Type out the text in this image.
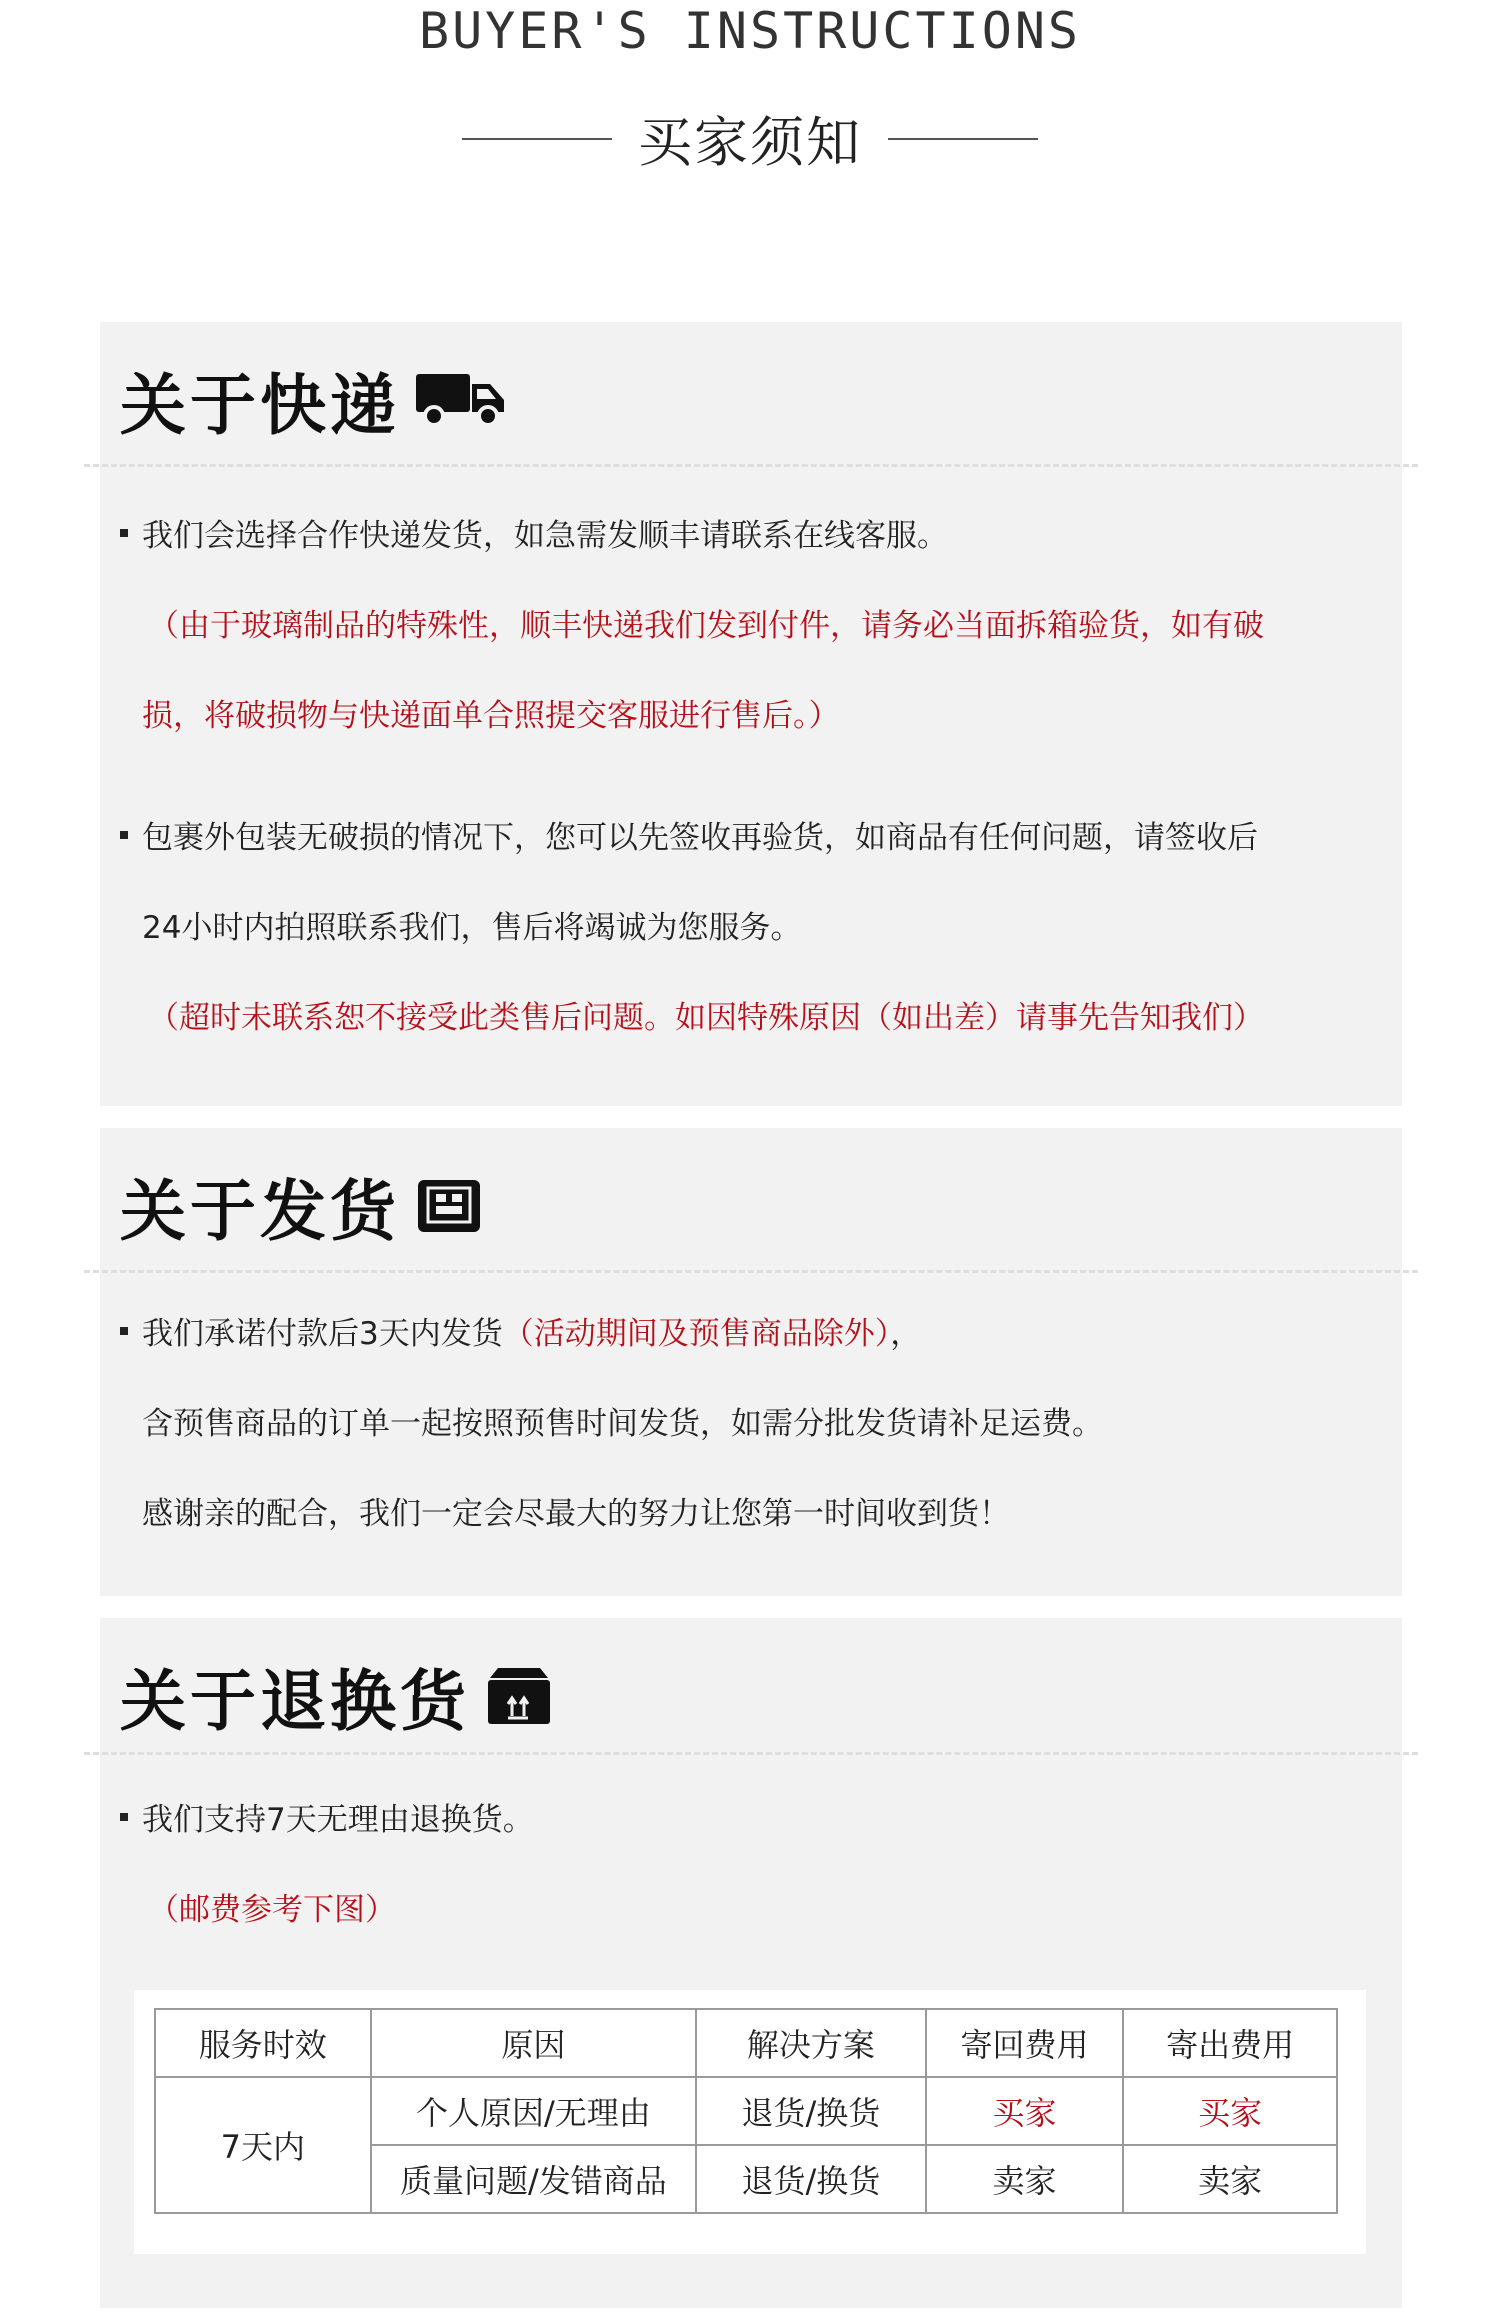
BUYER'S INSTRUCTIONS
买家须知
关于快递
我们会选择合作快递发货，如急需发顺丰请联系在线客服。
（由于玻璃制品的特殊性，顺丰快递我们发到付件，请务必当面拆箱验货，如有破
损，将破损物与快递面单合照提交客服进行售后。）
包裹外包装无破损的情况下，您可以先签收再验货，如商品有任何问题，请签收后
24小时内拍照联系我们，售后将竭诚为您服务。
（超时未联系恕不接受此类售后问题。如因特殊原因（如出差）请事先告知我们）
关于发货
我们承诺付款后3天内发货（活动期间及预售商品除外），
含预售商品的订单一起按照预售时间发货，如需分批发货请补足运费。
感谢亲的配合，我们一定会尽最大的努力让您第一时间收到货！
关于退换货
我们支持7天无理由退换货。
（邮费参考下图）
服务时效	原因	解决方案	寄回费用	寄出费用
7天内	个人原因/无理由	退货/换货	买家	买家
	质量问题/发错商品	退货/换货	卖家	卖家
